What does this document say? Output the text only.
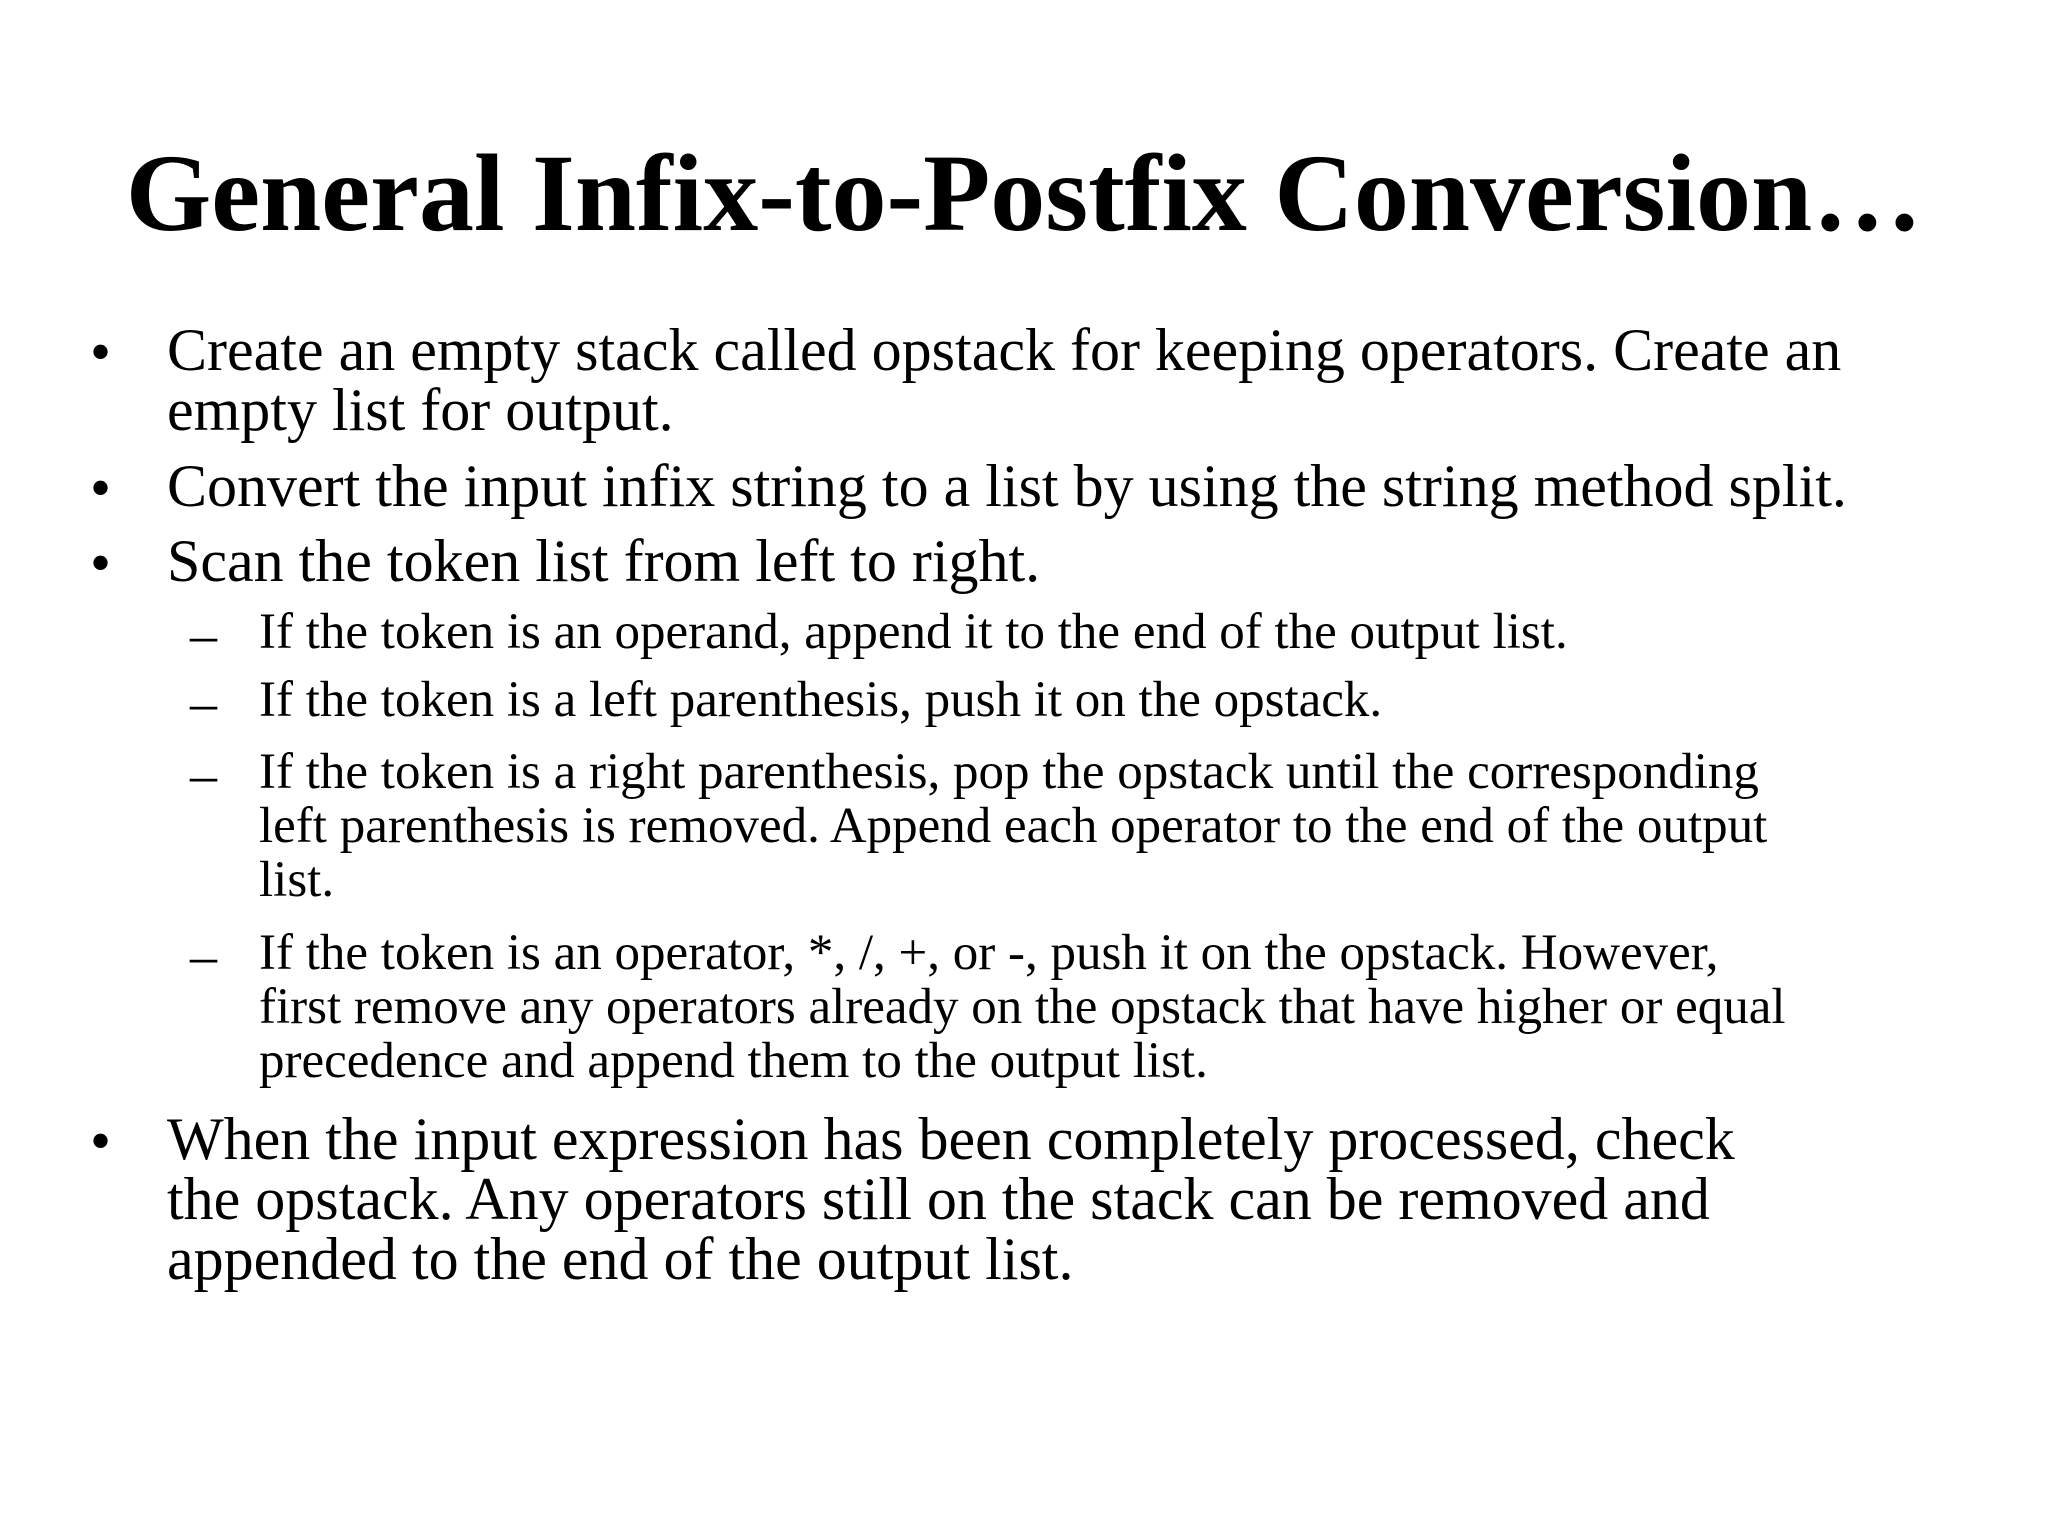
General Infix-to-Postfix Conversion…
• Create an empty stack called opstack for keeping operators. Create an
empty list for output.
• Convert the input infix string to a list by using the string method split.
• Scan the token list from left to right.
– If the token is an operand, append it to the end of the output list.
– If the token is a left parenthesis, push it on the opstack.
– If the token is a right parenthesis, pop the opstack until the corresponding
left parenthesis is removed. Append each operator to the end of the output
list.
– If the token is an operator, *, /, +, or -, push it on the opstack. However,
first remove any operators already on the opstack that have higher or equal
precedence and append them to the output list.
• When the input expression has been completely processed, check
the opstack. Any operators still on the stack can be removed and
appended to the end of the output list.
